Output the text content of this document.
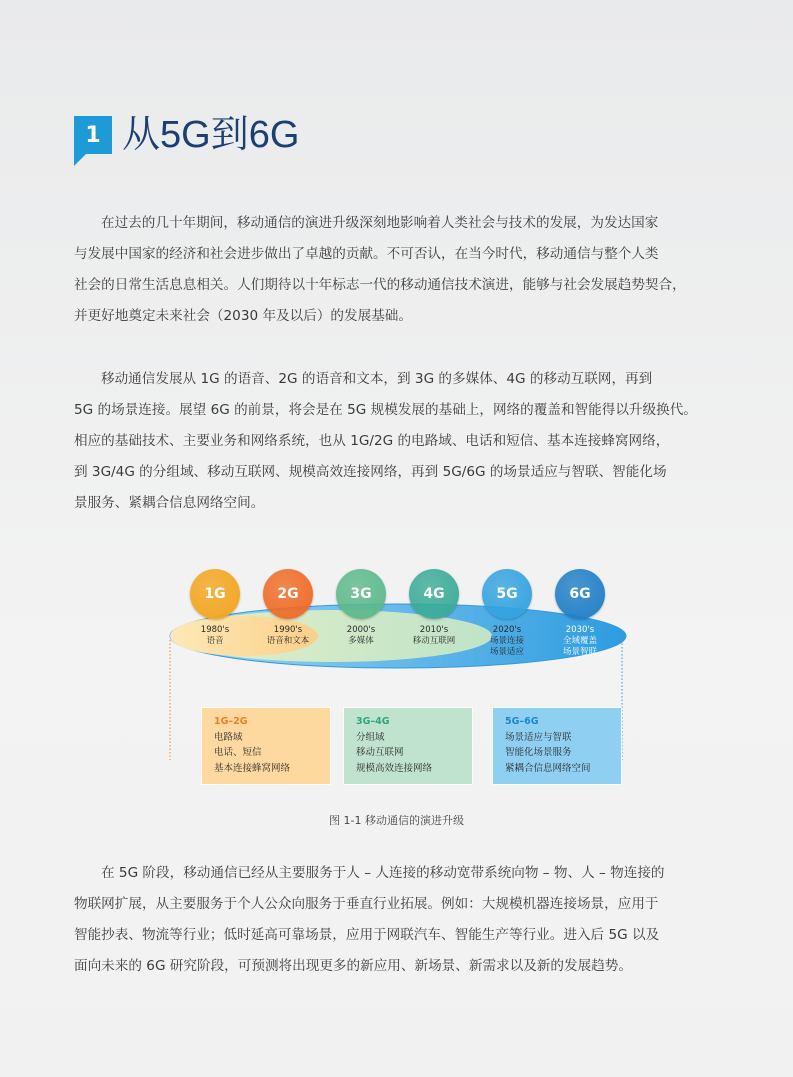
1 从5G到6G

在过去的几十年期间，移动通信的演进升级深刻地影响着人类社会与技术的发展，为发达国家
与发展中国家的经济和社会进步做出了卓越的贡献。不可否认，在当今时代，移动通信与整个人类
社会的日常生活息息相关。人们期待以十年标志一代的移动通信技术演进，能够与社会发展趋势契合，
并更好地奠定未来社会（2030 年及以后）的发展基础。

移动通信发展从 1G 的语音、2G 的语音和文本，到 3G 的多媒体、4G 的移动互联网，再到
5G 的场景连接。展望 6G 的前景，将会是在 5G 规模发展的基础上，网络的覆盖和智能得以升级换代。
相应的基础技术、主要业务和网络系统，也从 1G/2G 的电路域、电话和短信、基本连接蜂窝网络，
到 3G/4G 的分组域、移动互联网、规模高效连接网络，再到 5G/6G 的场景适应与智联、智能化场
景服务、紧耦合信息网络空间。

1G	2G	3G	4G	5G	6G
1980's
语音
1990's
语音和文本
2000's
多媒体
2010's
移动互联网
2020's
场景连接
场景适应
2030's
全域覆盖
场景智联
1G–2G
电路域
电话、短信
基本连接蜂窝网络
3G–4G
分组域
移动互联网
规模高效连接网络
5G–6G
场景适应与智联
智能化场景服务
紧耦合信息网络空间
图 1-1 移动通信的演进升级

在 5G 阶段，移动通信已经从主要服务于人 – 人连接的移动宽带系统向物 – 物、人 – 物连接的
物联网扩展，从主要服务于个人公众向服务于垂直行业拓展。例如：大规模机器连接场景，应用于
智能抄表、物流等行业；低时延高可靠场景，应用于网联汽车、智能生产等行业。进入后 5G 以及
面向未来的 6G 研究阶段，可预测将出现更多的新应用、新场景、新需求以及新的发展趋势。
